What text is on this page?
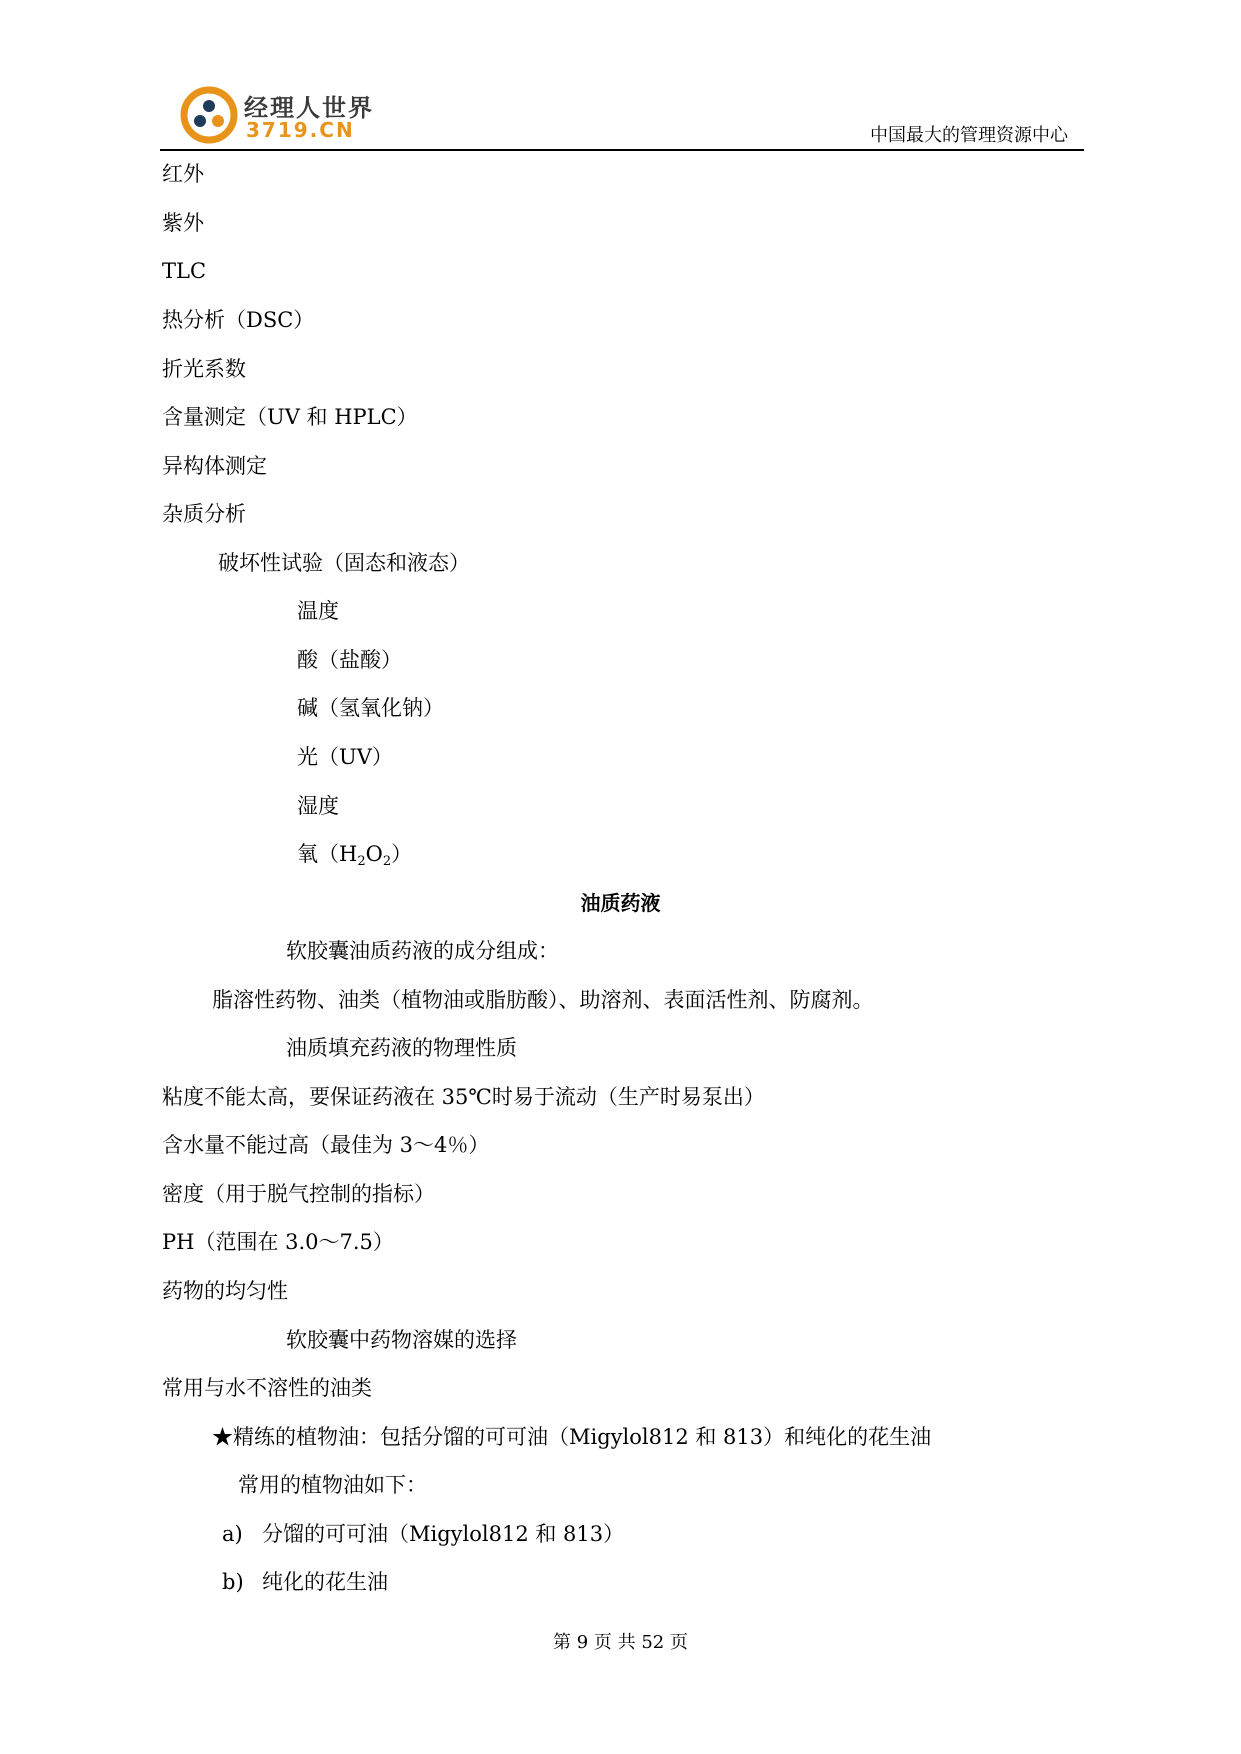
经理人世界
3719.CN	中国最大的管理资源中心
红外
紫外
TLC
热分析（DSC）
折光系数
含量测定（UV 和 HPLC）
异构体测定
杂质分析
破坏性试验（固态和液态）
温度
酸（盐酸）
碱（氢氧化钠）
光（UV）
湿度
氧$(H_2O_2)$
油质药液
软胶囊油质药液的成分组成：
脂溶性药物、油类（植物油或脂肪酸）、助溶剂、表面活性剂、防腐剂。
油质填充药液的物理性质
粘度不能太高，要保证药液在 35℃时易于流动（生产时易泵出）
含水量不能过高（最佳为 3～4％）
密度（用于脱气控制的指标）
PH（范围在 3.0～7.5）
药物的均匀性
软胶囊中药物溶媒的选择
常用与水不溶性的油类
★精练的植物油：包括分馏的可可油（Migylol812 和 813）和纯化的花生油
常用的植物油如下：
a) 分馏的可可油（Migylol812 和 813）
b) 纯化的花生油
第 9 页 共 52 页
